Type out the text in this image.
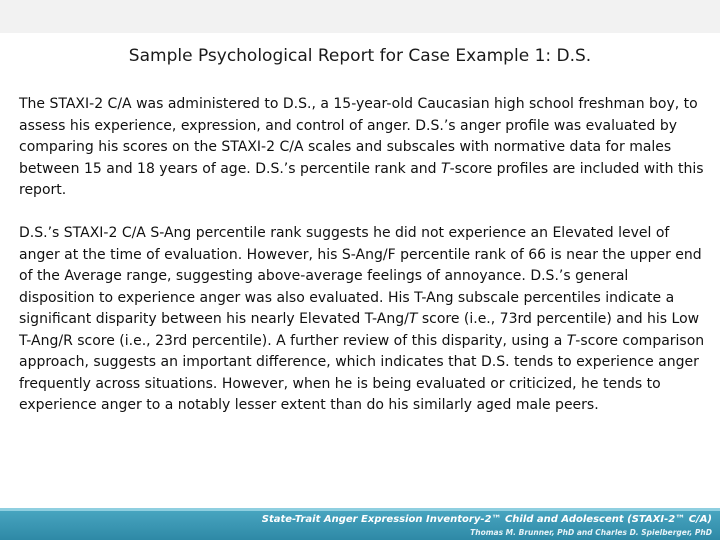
Sample Psychological Report for Case Example 1: D.S.

The STAXI-2 C/A was administered to D.S., a 15-year-old Caucasian high school freshman boy, to assess his experience, expression, and control of anger. D.S.’s anger profile was evaluated by comparing his scores on the STAXI-2 C/A scales and subscales with normative data for males between 15 and 18 years of age. D.S.’s percentile rank and T-score profiles are included with this report.

D.S.’s STAXI-2 C/A S-Ang percentile rank suggests he did not experience an Elevated level of anger at the time of evaluation. However, his S-Ang/F percentile rank of 66 is near the upper end of the Average range, suggesting above-average feelings of annoyance. D.S.’s general disposition to experience anger was also evaluated. His T-Ang subscale percentiles indicate a significant disparity between his nearly Elevated T-Ang/T score (i.e., 73rd percentile) and his Low T-Ang/R score (i.e., 23rd percentile). A further review of this disparity, using a T-score comparison approach, suggests an important difference, which indicates that D.S. tends to experience anger frequently across situations. However, when he is being evaluated or criticized, he tends to experience anger to a notably lesser extent than do his similarly aged male peers.

State-Trait Anger Expression Inventory-2™ Child and Adolescent (STAXI-2™ C/A)
Thomas M. Brunner, PhD and Charles D. Spielberger, PhD
